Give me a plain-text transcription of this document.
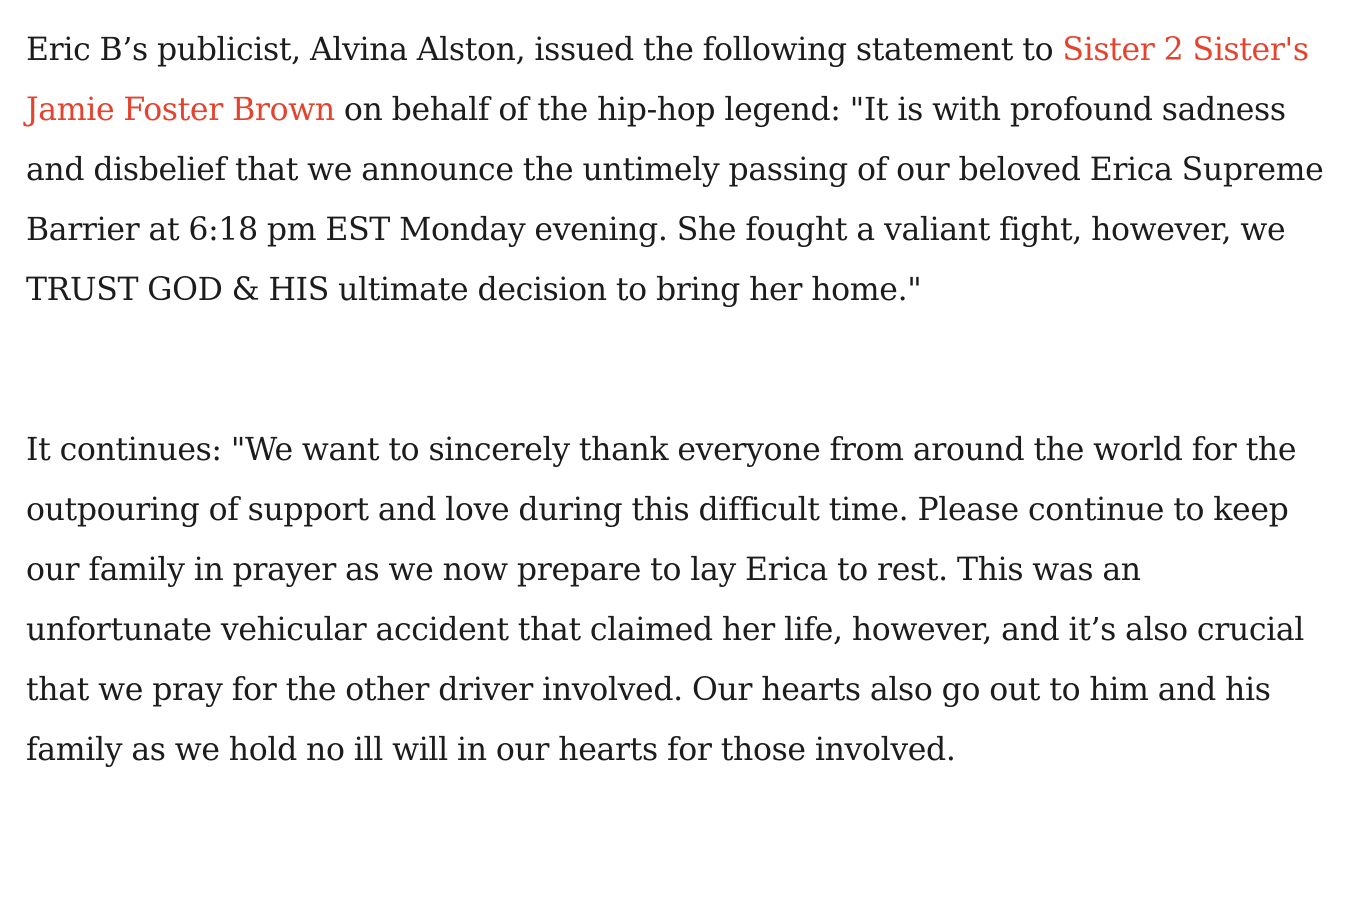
Eric B’s publicist, Alvina Alston, issued the following statement to Sister 2 Sister's Jamie Foster Brown on behalf of the hip-hop legend: "It is with profound sadness and disbelief that we announce the untimely passing of our beloved Erica Supreme Barrier at 6:18 pm EST Monday evening. She fought a valiant fight, however, we TRUST GOD & HIS ultimate decision to bring her home."

It continues: "We want to sincerely thank everyone from around the world for the outpouring of support and love during this difficult time. Please continue to keep our family in prayer as we now prepare to lay Erica to rest. This was an unfortunate vehicular accident that claimed her life, however, and it’s also crucial that we pray for the other driver involved. Our hearts also go out to him and his family as we hold no ill will in our hearts for those involved.
